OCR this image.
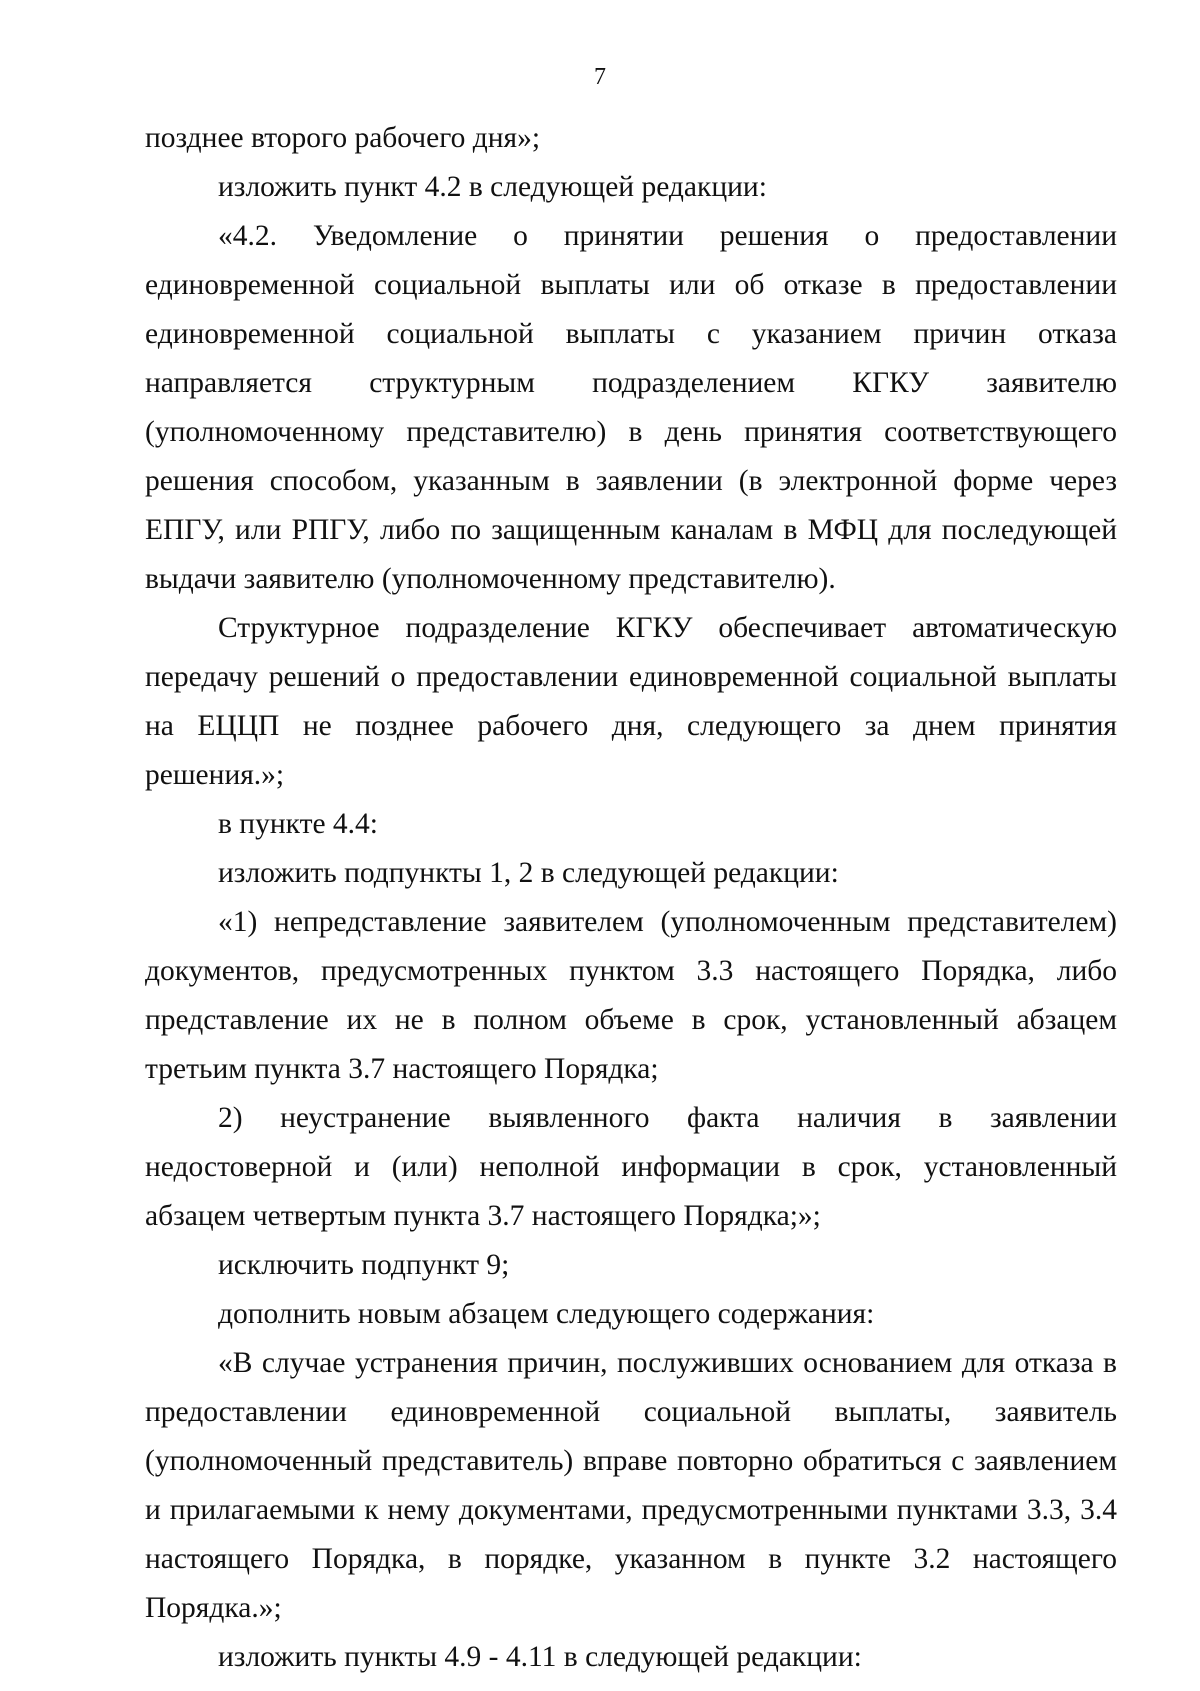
7

позднее второго рабочего дня»;

изложить пункт 4.2 в следующей редакции:

«4.2. Уведомление о принятии решения о предоставлении единовременной социальной выплаты или об отказе в предоставлении единовременной социальной выплаты с указанием причин отказа направляется структурным подразделением КГКУ заявителю (уполномоченному представителю) в день принятия соответствующего решения способом, указанным в заявлении (в электронной форме через ЕПГУ, или РПГУ, либо по защищенным каналам в МФЦ для последующей выдачи заявителю (уполномоченному представителю).

Структурное подразделение КГКУ обеспечивает автоматическую передачу решений о предоставлении единовременной социальной выплаты на ЕЦЦП не позднее рабочего дня, следующего за днем принятия решения.»;

в пункте 4.4:

изложить подпункты 1, 2 в следующей редакции:

«1) непредставление заявителем (уполномоченным представителем) документов, предусмотренных пунктом 3.3 настоящего Порядка, либо представление их не в полном объеме в срок, установленный абзацем третьим пункта 3.7 настоящего Порядка;

2) неустранение выявленного факта наличия в заявлении недостоверной и (или) неполной информации в срок, установленный абзацем четвертым пункта 3.7 настоящего Порядка;»;

исключить подпункт 9;

дополнить новым абзацем следующего содержания:

«В случае устранения причин, послуживших основанием для отказа в предоставлении единовременной социальной выплаты, заявитель (уполномоченный представитель) вправе повторно обратиться с заявлением и прилагаемыми к нему документами, предусмотренными пунктами 3.3, 3.4 настоящего Порядка, в порядке, указанном в пункте 3.2 настоящего Порядка.»;

изложить пункты 4.9 - 4.11 в следующей редакции:
